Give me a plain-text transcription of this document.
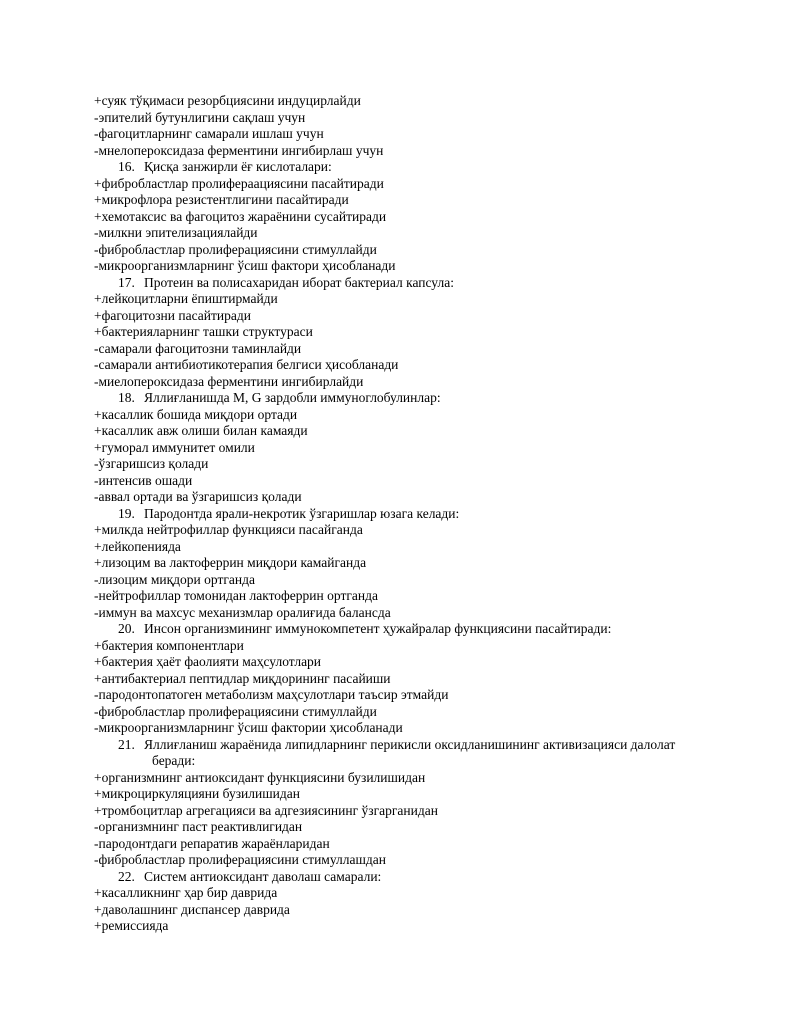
+суяк тўқимаси резорбциясини индуцирлайди
-эпителий бутунлигини сақлаш учун
-фагоцитларнинг самарали ишлаш учун
-мнелопероксидаза ферментини ингибирлаш учун
16. Қисқа занжирли ёғ кислоталари:
+фибробластлар пролифераациясини пасайтиради
+микрофлора резистентлигини пасайтиради
+хемотаксис ва фагоцитоз жараёнини сусайтиради
-милкни эпителизациялайди
-фибробластлар пролиферациясини стимуллайди
-микроорганизмларнинг ўсиш фактори ҳисобланади
17. Протеин ва полисахаридан иборат бактериал капсула:
+лейкоцитларни ёпиштирмайди
+фагоцитозни пасайтиради
+бактерияларнинг ташки структураси
-самарали фагоцитозни таминлайди
-самарали антибиотикотерапия белгиси ҳисобланади
-миелопероксидаза ферментини ингибирлайди
18. Яллиғланишда M, G зардобли иммуноглобулинлар:
+касаллик бошида миқдори ортади
+касаллик авж олиши билан камаяди
+гуморал иммунитет омили
-ўзгаришсиз қолади
-интенсив ошади
-аввал ортади ва ўзгаришсиз қолади
19. Пародонтда ярали-некротик ўзгаришлар юзага келади:
+милкда нейтрофиллар функцияси пасайганда
+лейкопенияда
+лизоцим ва лактоферрин миқдори камайганда
-лизоцим миқдори ортганда
-нейтрофиллар томонидан лактоферрин ортганда
-иммун ва махсус механизмлар оралиғида балансда
20. Инсон организмининг иммунокомпетент ҳужайралар функциясини пасайтиради:
+бактерия компонентлари
+бактерия ҳаёт фаолияти маҳсулотлари
+антибактериал пептидлар миқдорининг пасайиши
-пародонтопатоген метаболизм маҳсулотлари таъсир этмайди
-фибробластлар пролиферациясини стимуллайди
-микроорганизмларнинг ўсиш фактории ҳисобланади
21. Яллиғланиш жараёнида липидларнинг перикисли оксидланишининг активизацияси далолат
беради:
+организмнинг антиоксидант функциясини бузилишидан
+микроциркуляцияни бузилишидан
+тромбоцитлар агрегацияси ва адгезиясининг ўзгарганидан
-организмнинг паст реактивлигидан
-пародонтдаги репаратив жараёнларидан
-фибробластлар пролиферациясини стимуллашдан
22. Систем антиоксидант даволаш самарали:
+касалликнинг ҳар бир даврида
+даволашнинг диспансер даврида
+ремиссияда
